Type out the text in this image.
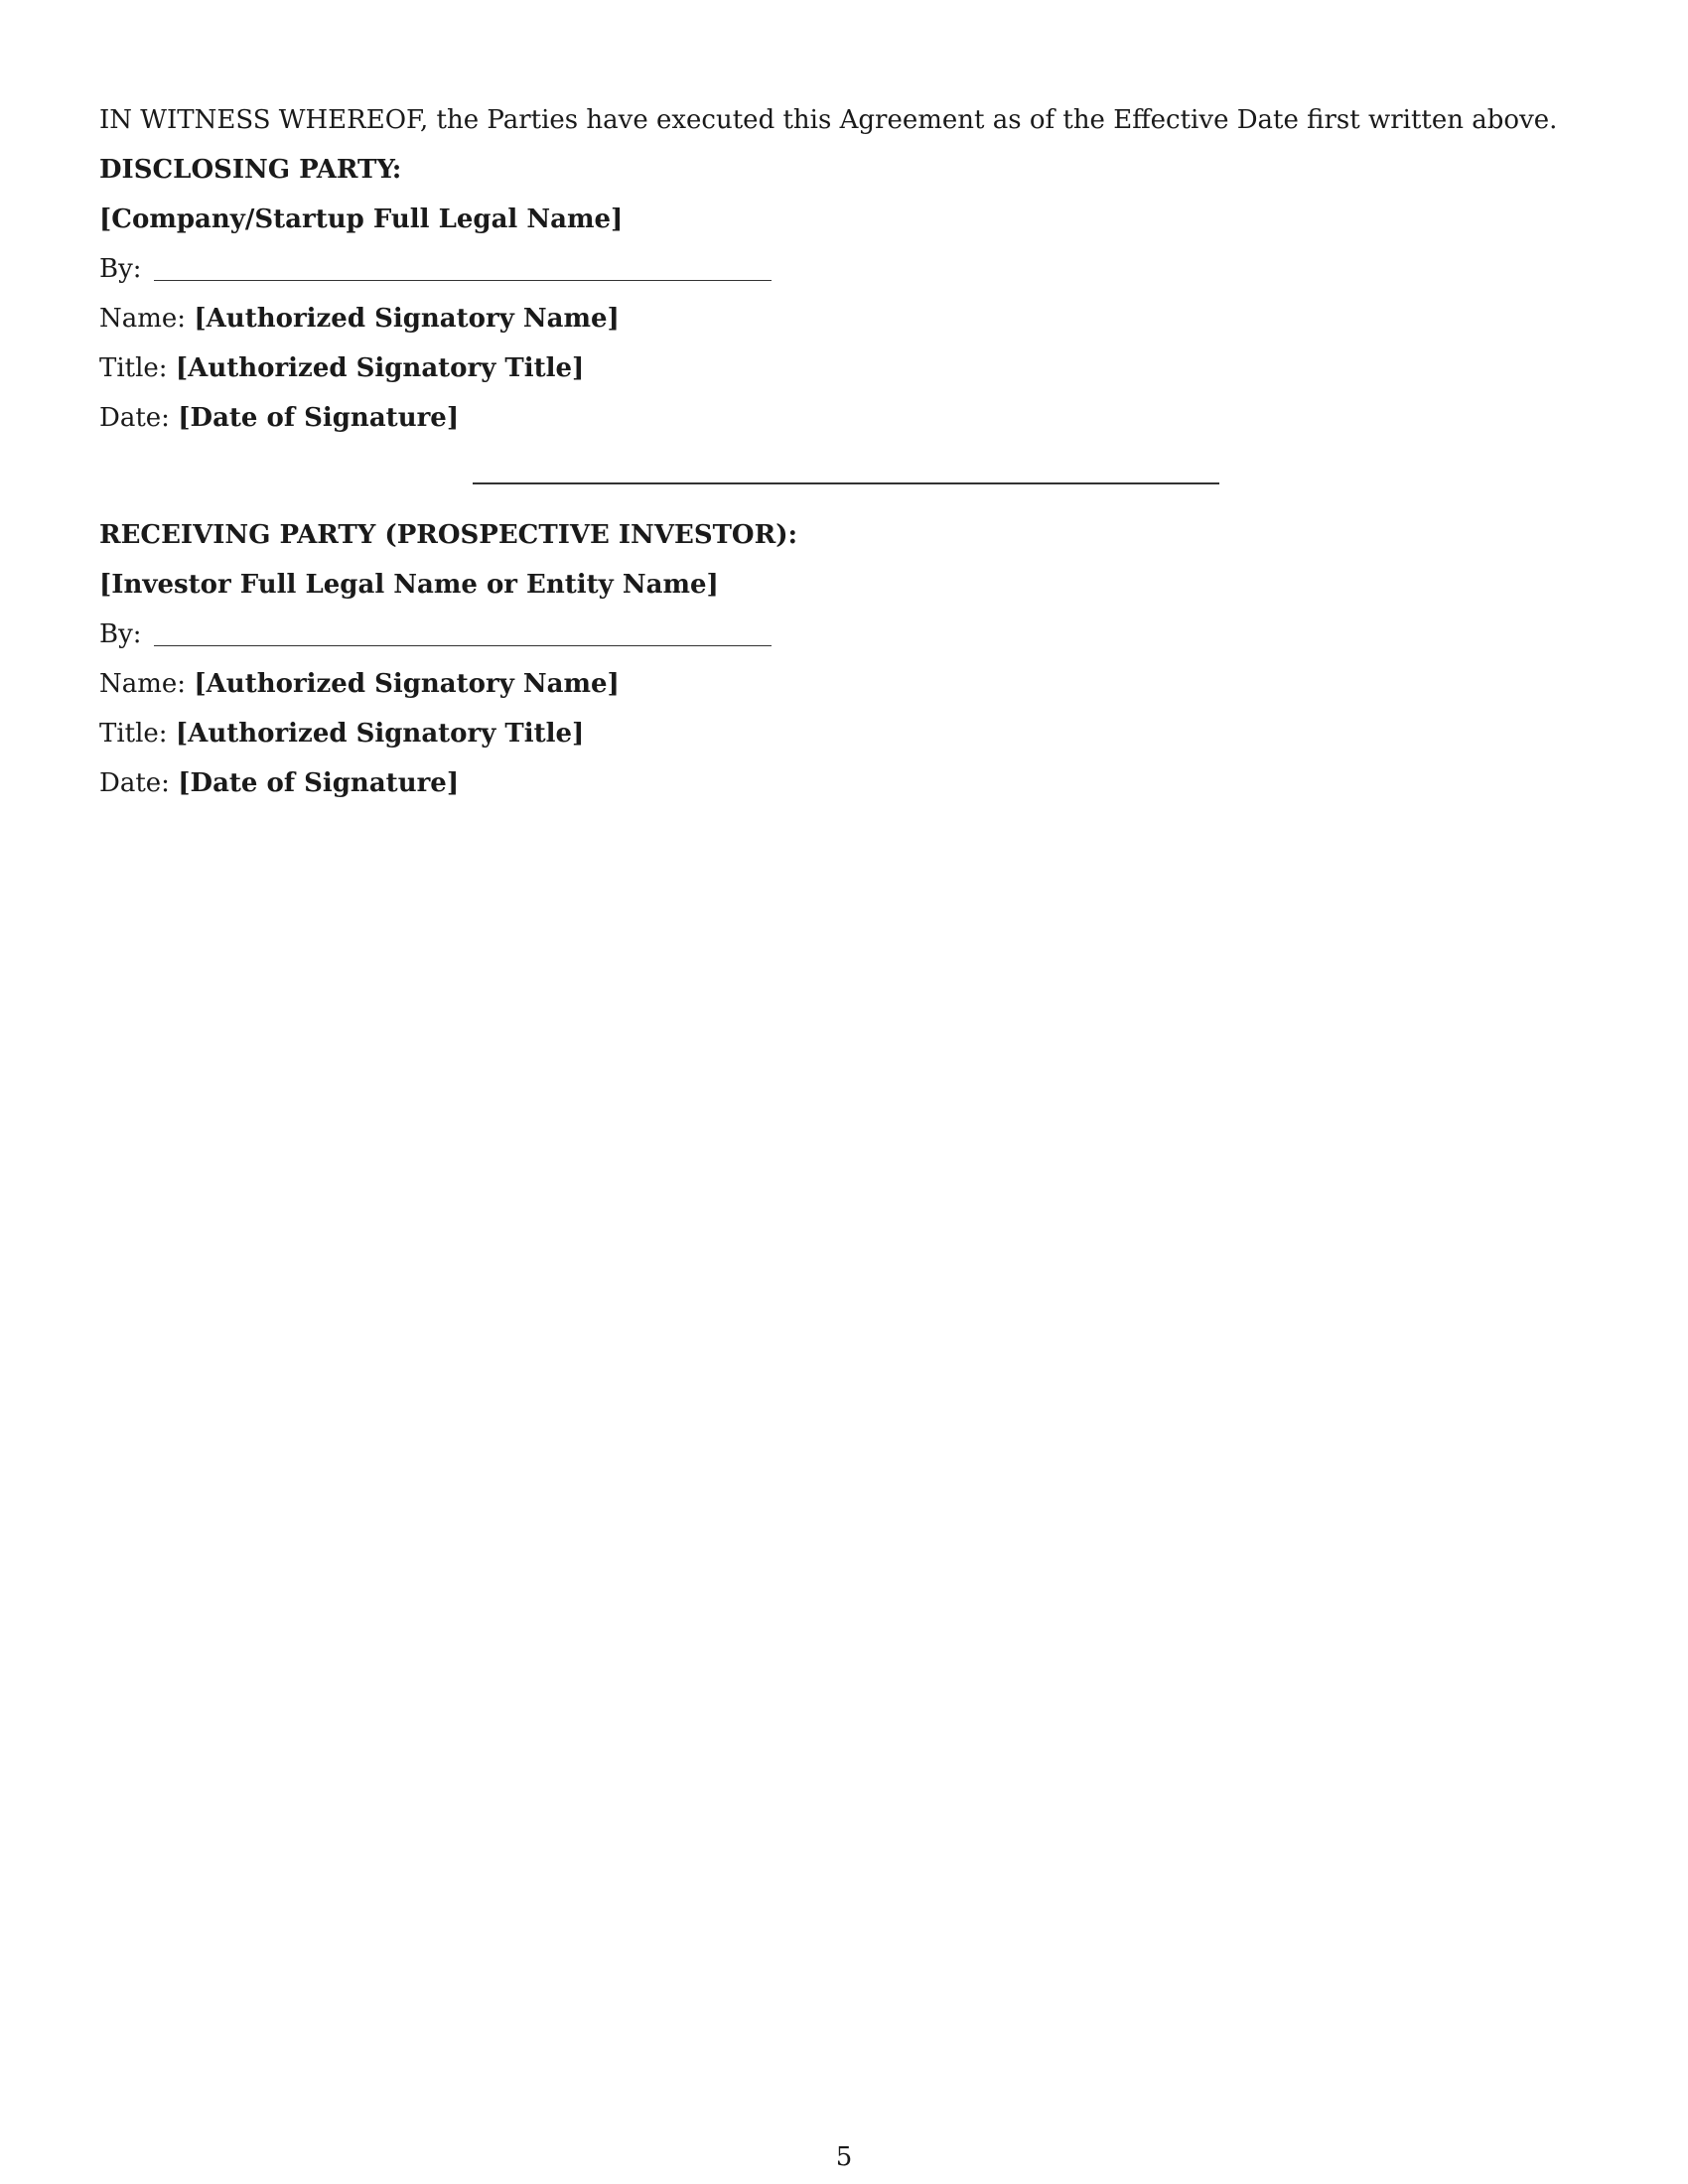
IN WITNESS WHEREOF, the Parties have executed this Agreement as of the Effective Date first written above.
DISCLOSING PARTY:
[Company/Startup Full Legal Name]
By:
Name: [Authorized Signatory Name]
Title: [Authorized Signatory Title]
Date: [Date of Signature]
RECEIVING PARTY (PROSPECTIVE INVESTOR):
[Investor Full Legal Name or Entity Name]
By:
Name: [Authorized Signatory Name]
Title: [Authorized Signatory Title]
Date: [Date of Signature]
5
